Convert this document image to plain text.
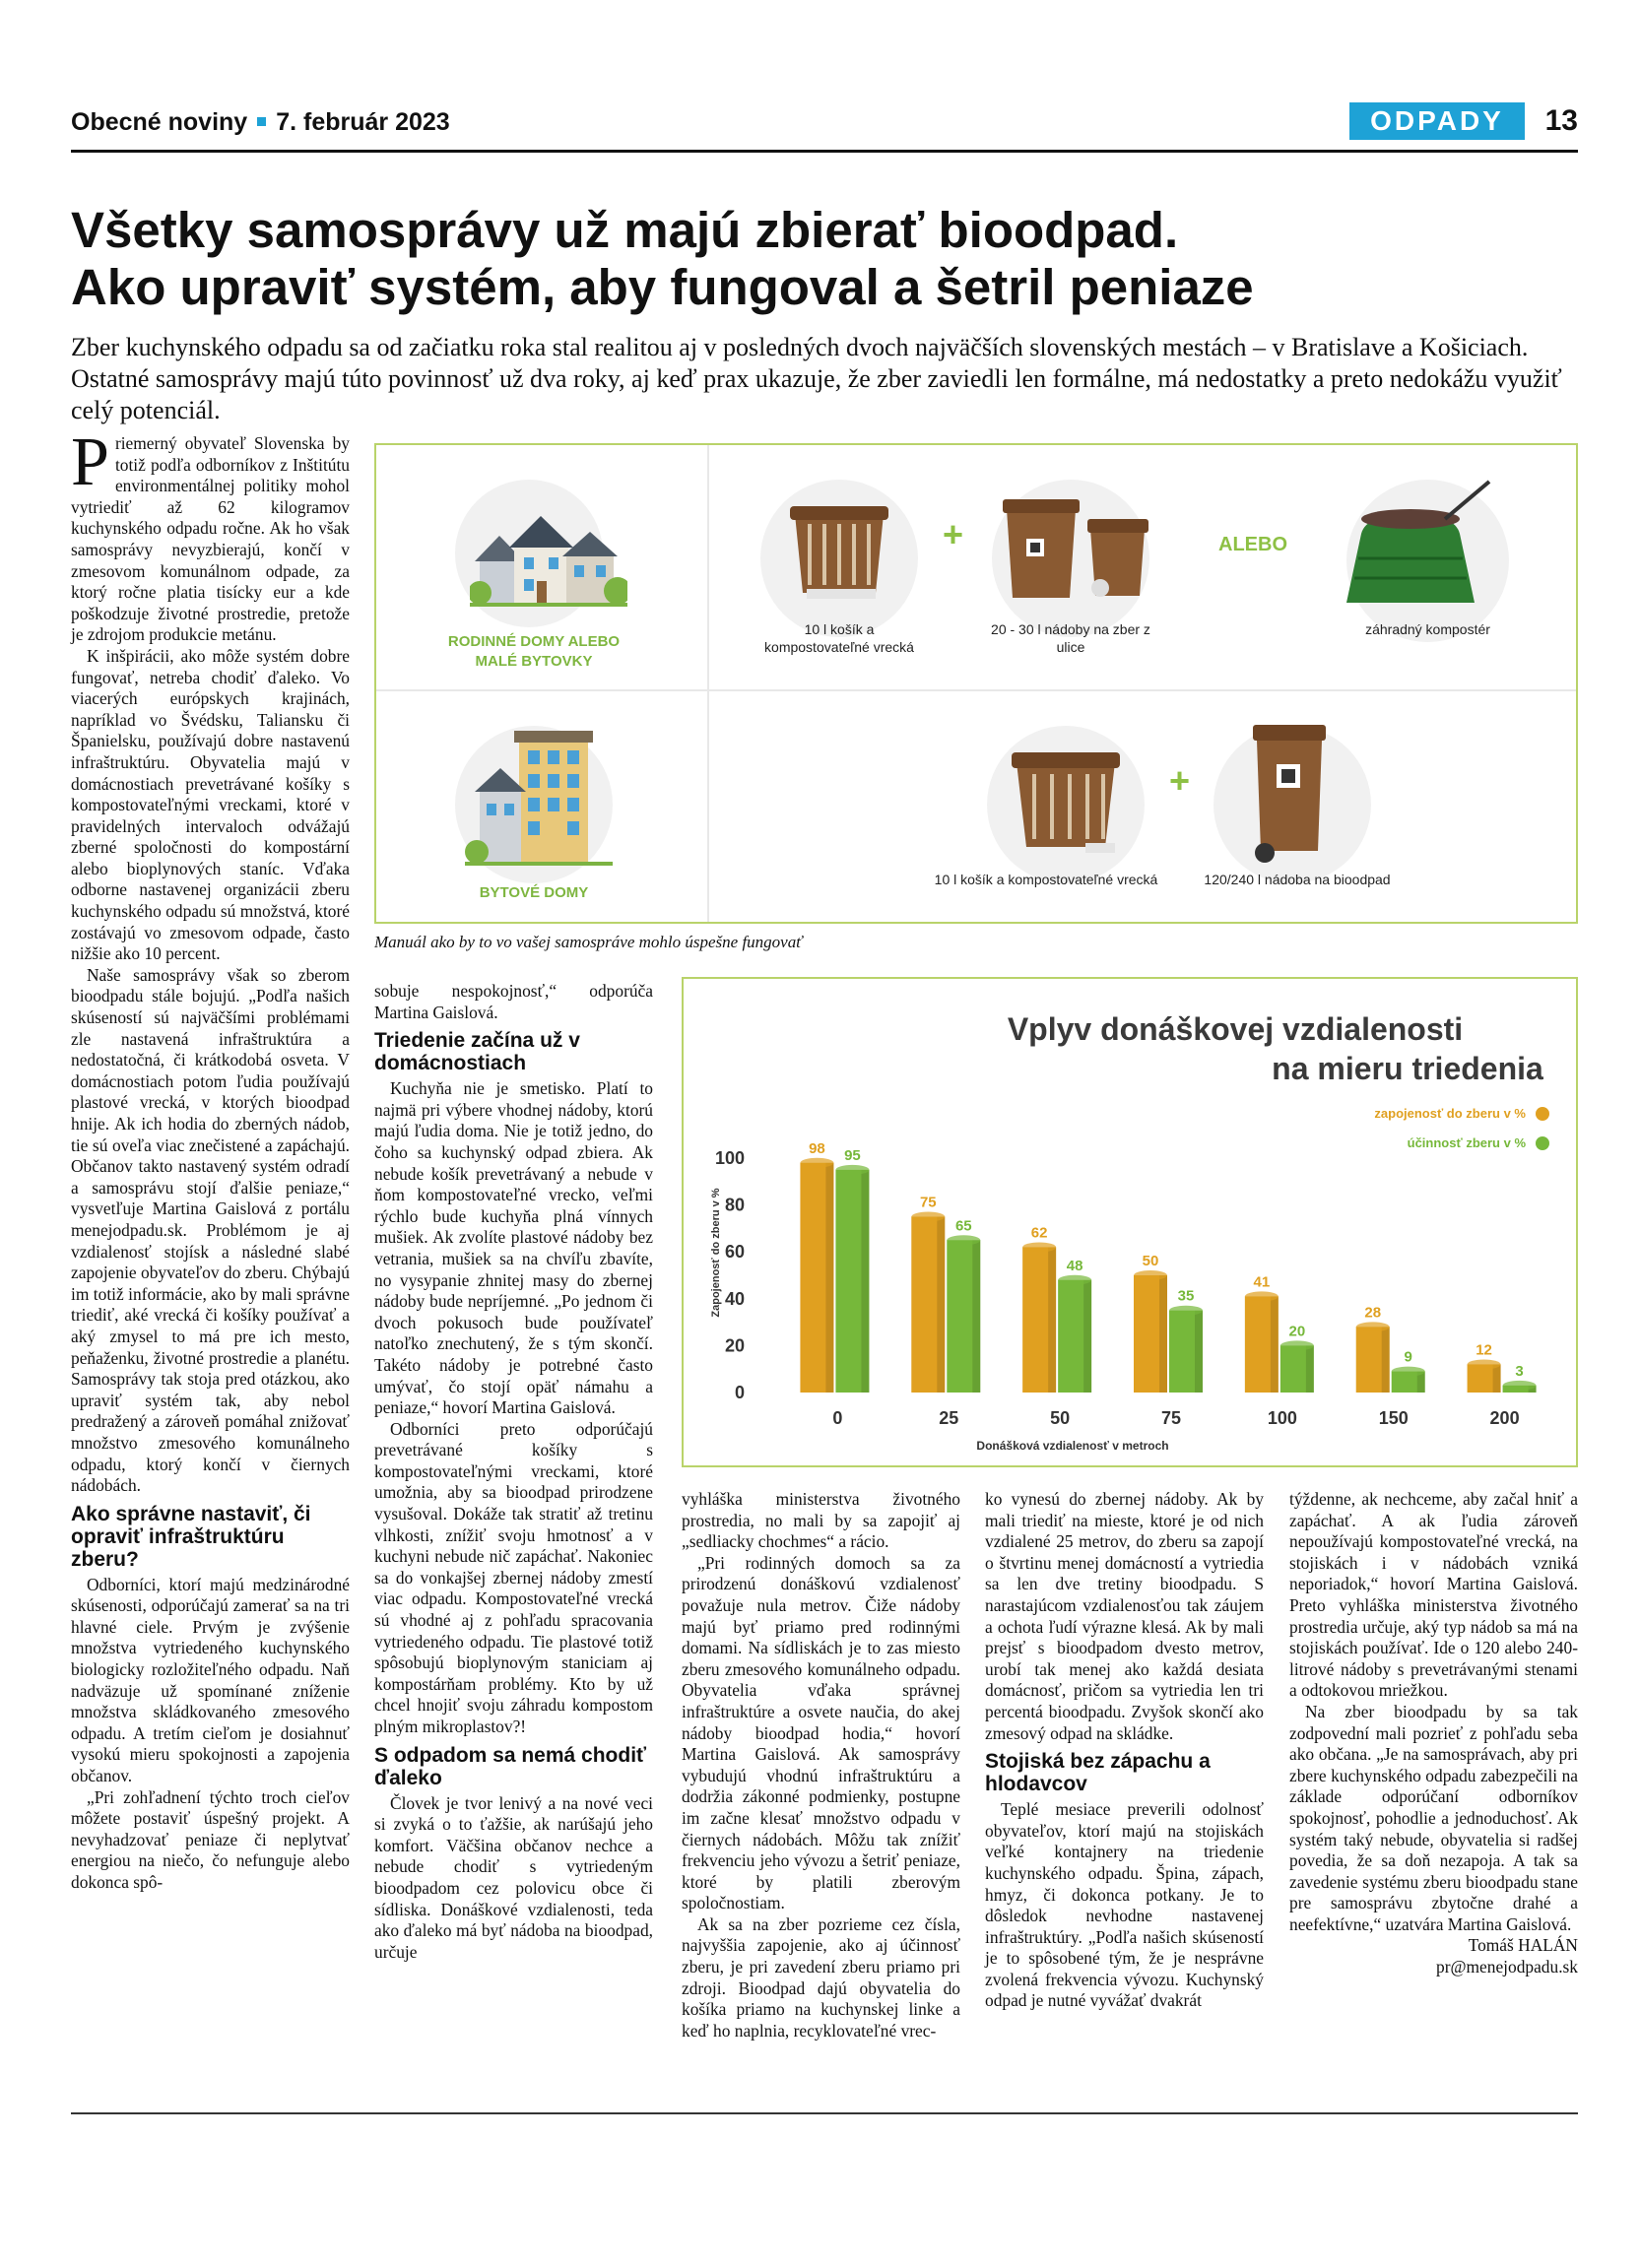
Obecné noviny 7. február 2023	ODPADY	13
Všetky samosprávy už majú zbierať bioodpad.
Ako upraviť systém, aby fungoval a šetril peniaze
Zber kuchynského odpadu sa od začiatku roka stal realitou aj v posledných dvoch najväčších slovenských mestách – v Bratislave a Košiciach. Ostatné samosprávy majú túto povinnosť už dva roky, aj keď prax ukazuje, že zber zaviedli len formálne, má nedostatky a preto nedokážu využiť celý potenciál.

Priemerný obyvateľ Slovenska by totiž podľa odborníkov z Inštitútu environmentálnej politiky mohol vytriediť až 62 kilogramov kuchynského odpadu ročne. Ak ho však samosprávy nevyzbierajú, končí v zmesovom komunálnom odpade, za ktorý ročne platia tisícky eur a kde poškodzuje životné prostredie, pretože je zdrojom produkcie metánu.

K inšpirácii, ako môže systém dobre fungovať, netreba chodiť ďaleko. Vo viacerých európskych krajinách, napríklad vo Švédsku, Taliansku či Španielsku, používajú dobre nastavenú infraštruktúru. Obyvatelia majú v domácnostiach prevetrávané košíky s kompostovateľnými vreckami, ktoré v pravidelných intervaloch odvážajú zberné spoločnosti do kompostární alebo bioplynových staníc. Vďaka odborne nastavenej organizácii zberu kuchynského odpadu sú množstvá, ktoré zostávajú vo zmesovom odpade, často nižšie ako 10 percent.

Naše samosprávy však so zberom bioodpadu stále bojujú. „Podľa našich skúseností sú najväčšími problémami zle nastavená infraštruktúra a nedostatočná, či krátkodobá osveta. V domácnostiach potom ľudia používajú plastové vrecká, v ktorých bioodpad hnije. Ak ich hodia do zberných nádob, tie sú oveľa viac znečistené a zapáchajú. Občanov takto nastavený systém odradí a samosprávu stojí ďalšie peniaze,“ vysvetľuje Martina Gaislová z portálu menejodpadu.sk. Problémom je aj vzdialenosť stojísk a následné slabé zapojenie obyvateľov do zberu. Chýbajú im totiž informácie, ako by mali správne triediť, aké vrecká či košíky používať a aký zmysel to má pre ich mesto, peňaženku, životné prostredie a planétu. Samosprávy tak stoja pred otázkou, ako upraviť systém tak, aby nebol predražený a zároveň pomáhal znižovať množstvo zmesového komunálneho odpadu, ktorý končí v čiernych nádobách.

Ako správne nastaviť, či opraviť infraštruktúru zberu?

Odborníci, ktorí majú medzinárodné skúsenosti, odporúčajú zamerať sa na tri hlavné ciele. Prvým je zvýšenie množstva vytriedeného kuchynského biologicky rozložiteľného odpadu. Naň nadväzuje už spomínané zníženie množstva skládkovaného zmesového odpadu. A tretím cieľom je dosiahnuť vysokú mieru spokojnosti a zapojenia občanov.

„Pri zohľadnení týchto troch cieľov môžete postaviť úspešný projekt. A nevyhadzovať peniaze či neplytvať energiou na niečo, čo nefunguje alebo dokonca spô-

RODINNÉ DOMY ALEBO MALÉ BYTOVKY
10 l košík a kompostovateľné vrecká
+
20 - 30 l nádoby na zber z ulice
ALEBO
záhradný kompostér
BYTOVÉ DOMY
10 l košík a kompostovateľné vrecká
+
120/240 l nádoba na bioodpad
Manuál ako by to vo vašej samospráve mohlo úspešne fungovať

sobuje nespokojnosť,“ odporúča Martina Gaislová.

Triedenie začína už v domácnostiach

Kuchyňa nie je smetisko. Platí to najmä pri výbere vhodnej nádoby, ktorú majú ľudia doma. Nie je totiž jedno, do čoho sa kuchynský odpad zbiera. Ak nebude košík prevetrávaný a nebude v ňom kompostovateľné vrecko, veľmi rýchlo bude kuchyňa plná vínnych mušiek. Ak zvolíte plastové nádoby bez vetrania, mušiek sa na chvíľu zbavíte, no vysypanie zhnitej masy do zbernej nádoby bude nepríjemné. „Po jednom či dvoch pokusoch bude používateľ natoľko znechutený, že s tým skončí. Takéto nádoby je potrebné často umývať, čo stojí opäť námahu a peniaze,“ hovorí Martina Gaislová.

Odborníci preto odporúčajú prevetrávané košíky s kompostovateľnými vreckami, ktoré umožnia, aby sa bioodpad prirodzene vysušoval. Dokáže tak stratiť až tretinu vlhkosti, znížiť svoju hmotnosť a v kuchyni nebude nič zapáchať. Nakoniec sa do vonkajšej zbernej nádoby zmestí viac odpadu. Kompostovateľné vrecká sú vhodné aj z pohľadu spracovania vytriedeného odpadu. Tie plastové totiž spôsobujú bioplynovým staniciam aj kompostárňam problémy. Kto by už chcel hnojiť svoju záhradu kompostom plným mikroplastov?!

S odpadom sa nemá chodiť ďaleko

Človek je tvor lenivý a na nové veci si zvyká o to ťažšie, ak narúšajú jeho komfort. Väčšina občanov nechce a nebude chodiť s vytriedeným bioodpadom cez polovicu obce či sídliska. Donáškové vzdialenosti, teda ako ďaleko má byť nádoba na bioodpad, určuje

Vplyv donáškovej vzdialenosti
na mieru triedenia
Zapojenosť do zberu v %
Donášková vzdialenosť v metroch
zapojenosť do zberu v %
účinnosť zberu v %
98 95
75
65	62
48	50
35
41
20
28
9	12
3
0
20
40
60
80
100
0	25	50	75	100	150	200

vyhláška ministerstva životného prostredia, no mali by sa zapojiť aj „sedliacky chochmes“ a rácio.

„Pri rodinných domoch sa za prirodzenú donáškovú vzdialenosť považuje nula metrov. Čiže nádoby majú byť priamo pred rodinnými domami. Na sídliskách je to zas miesto zberu zmesového komunálneho odpadu. Obyvatelia vďaka správnej infraštruktúre a osvete naučia, do akej nádoby bioodpad hodia,“ hovorí Martina Gaislová. Ak samosprávy vybudujú vhodnú infraštruktúru a dodržia zákonné podmienky, postupne im začne klesať množstvo odpadu v čiernych nádobách. Môžu tak znížiť frekvenciu jeho vývozu a šetriť peniaze, ktoré by platili zberovým spoločnostiam.

Ak sa na zber pozrieme cez čísla, najvyššia zapojenie, ako aj účinnosť zberu, je pri zavedení zberu priamo pri zdroji. Bioodpad dajú obyvatelia do košíka priamo na kuchynskej linke a keď ho naplnia, recyklovateľné vrec-

ko vynesú do zbernej nádoby. Ak by mali triediť na mieste, ktoré je od nich vzdialené 25 metrov, do zberu sa zapojí o štvrtinu menej domácností a vytriedia sa len dve tretiny bioodpadu. S narastajúcom vzdialenosťou tak záujem a ochota ľudí výrazne klesá. Ak by mali prejsť s bioodpadom dvesto metrov, urobí tak menej ako každá desiata domácnosť, pričom sa vytriedia len tri percentá bioodpadu. Zvyšok skončí ako zmesový odpad na skládke.

Stojiská bez zápachu a hlodavcov

Teplé mesiace preverili odolnosť obyvateľov, ktorí majú na stojiskách veľké kontajnery na triedenie kuchynského odpadu. Špina, zápach, hmyz, či dokonca potkany. Je to dôsledok nevhodne nastavenej infraštruktúry. „Podľa našich skúseností je to spôsobené tým, že je nesprávne zvolená frekvencia vývozu. Kuchynský odpad je nutné vyvážať dvakrát

týždenne, ak nechceme, aby začal hniť a zapáchať. A ak ľudia zároveň nepoužívajú kompostovateľné vrecká, na stojiskách i v nádobách vzniká neporiadok,“ hovorí Martina Gaislová. Preto vyhláška ministerstva životného prostredia určuje, aký typ nádob sa má na stojiskách používať. Ide o 120 alebo 240-litrové nádoby s prevetrávanými stenami a odtokovou mriežkou.

Na zber bioodpadu by sa tak zodpovední mali pozrieť z pohľadu seba ako občana. „Je na samosprávach, aby pri zbere kuchynského odpadu zabezpečili na základe odporúčaní odborníkov spokojnosť, pohodlie a jednoduchosť. Ak systém taký nebude, obyvatelia si radšej povedia, že sa doň nezapoja. A tak sa zavedenie systému zberu bioodpadu stane pre samosprávu zbytočne drahé a neefektívne,“ uzatvára Martina Gaislová.

Tomáš HALÁN

pr@menejodpadu.sk
